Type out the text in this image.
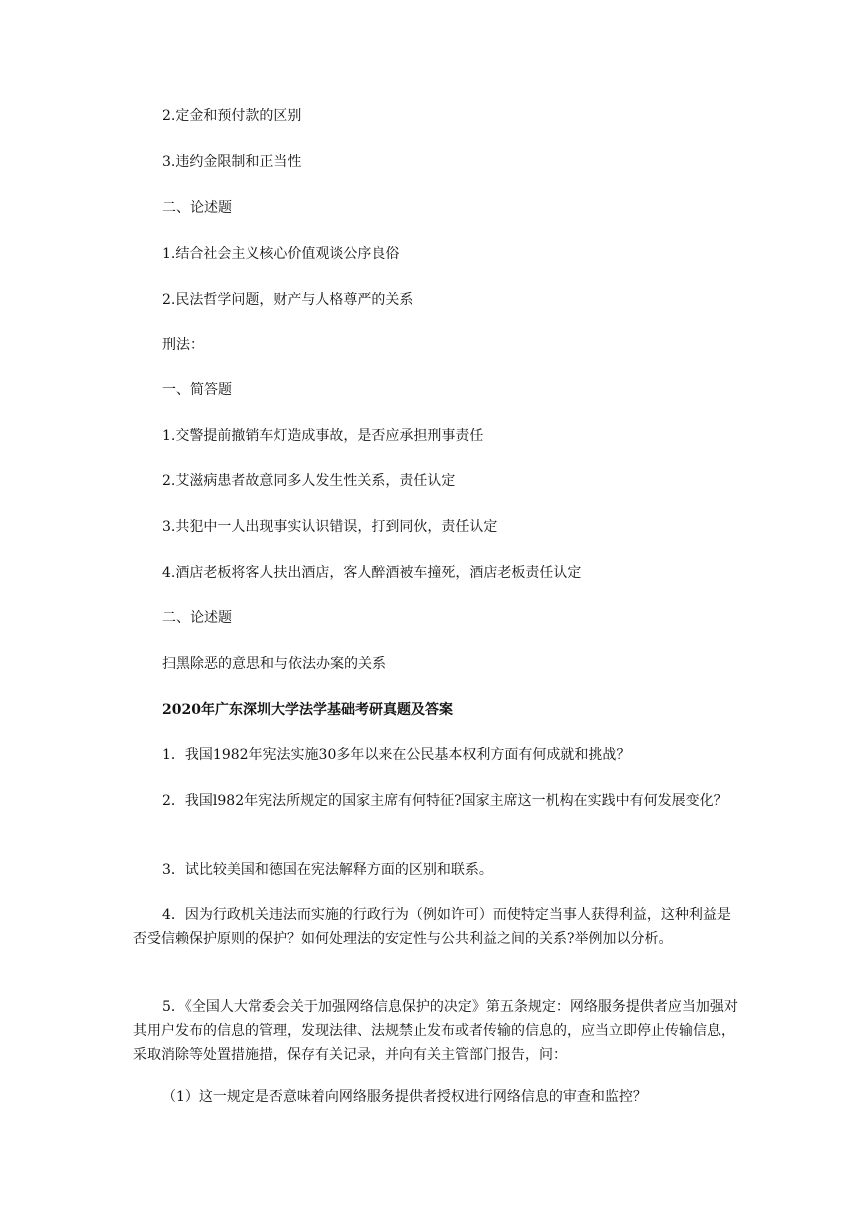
2.定金和预付款的区别
3.违约金限制和正当性
二、论述题
1.结合社会主义核心价值观谈公序良俗
2.民法哲学问题，财产与人格尊严的关系
刑法：
一、简答题
1.交警提前撤销车灯造成事故，是否应承担刑事责任
2.艾滋病患者故意同多人发生性关系，责任认定
3.共犯中一人出现事实认识错误，打到同伙，责任认定
4.酒店老板将客人扶出酒店，客人醉酒被车撞死，酒店老板责任认定
二、论述题
扫黑除恶的意思和与依法办案的关系
2020年广东深圳大学法学基础考研真题及答案
1．我国1982年宪法实施30多年以来在公民基本权利方面有何成就和挑战？
2．我国l982年宪法所规定的国家主席有何特征?国家主席这一机构在实践中有何发展变化？
3．试比较美国和德国在宪法解释方面的区别和联系。
4．因为行政机关违法而实施的行政行为（例如许可）而使特定当事人获得利益，这种利益是否受信赖保护原则的保护？如何处理法的安定性与公共利益之间的关系?举例加以分析。
5．《全国人大常委会关于加强网络信息保护的决定》第五条规定：网络服务提供者应当加强对其用户发布的信息的管理，发现法律、法规禁止发布或者传输的信息的，应当立即停止传输信息，采取消除等处置措施措，保存有关记录，并向有关主管部门报告，问：
（1）这一规定是否意味着向网络服务提供者授权进行网络信息的审查和监控？
